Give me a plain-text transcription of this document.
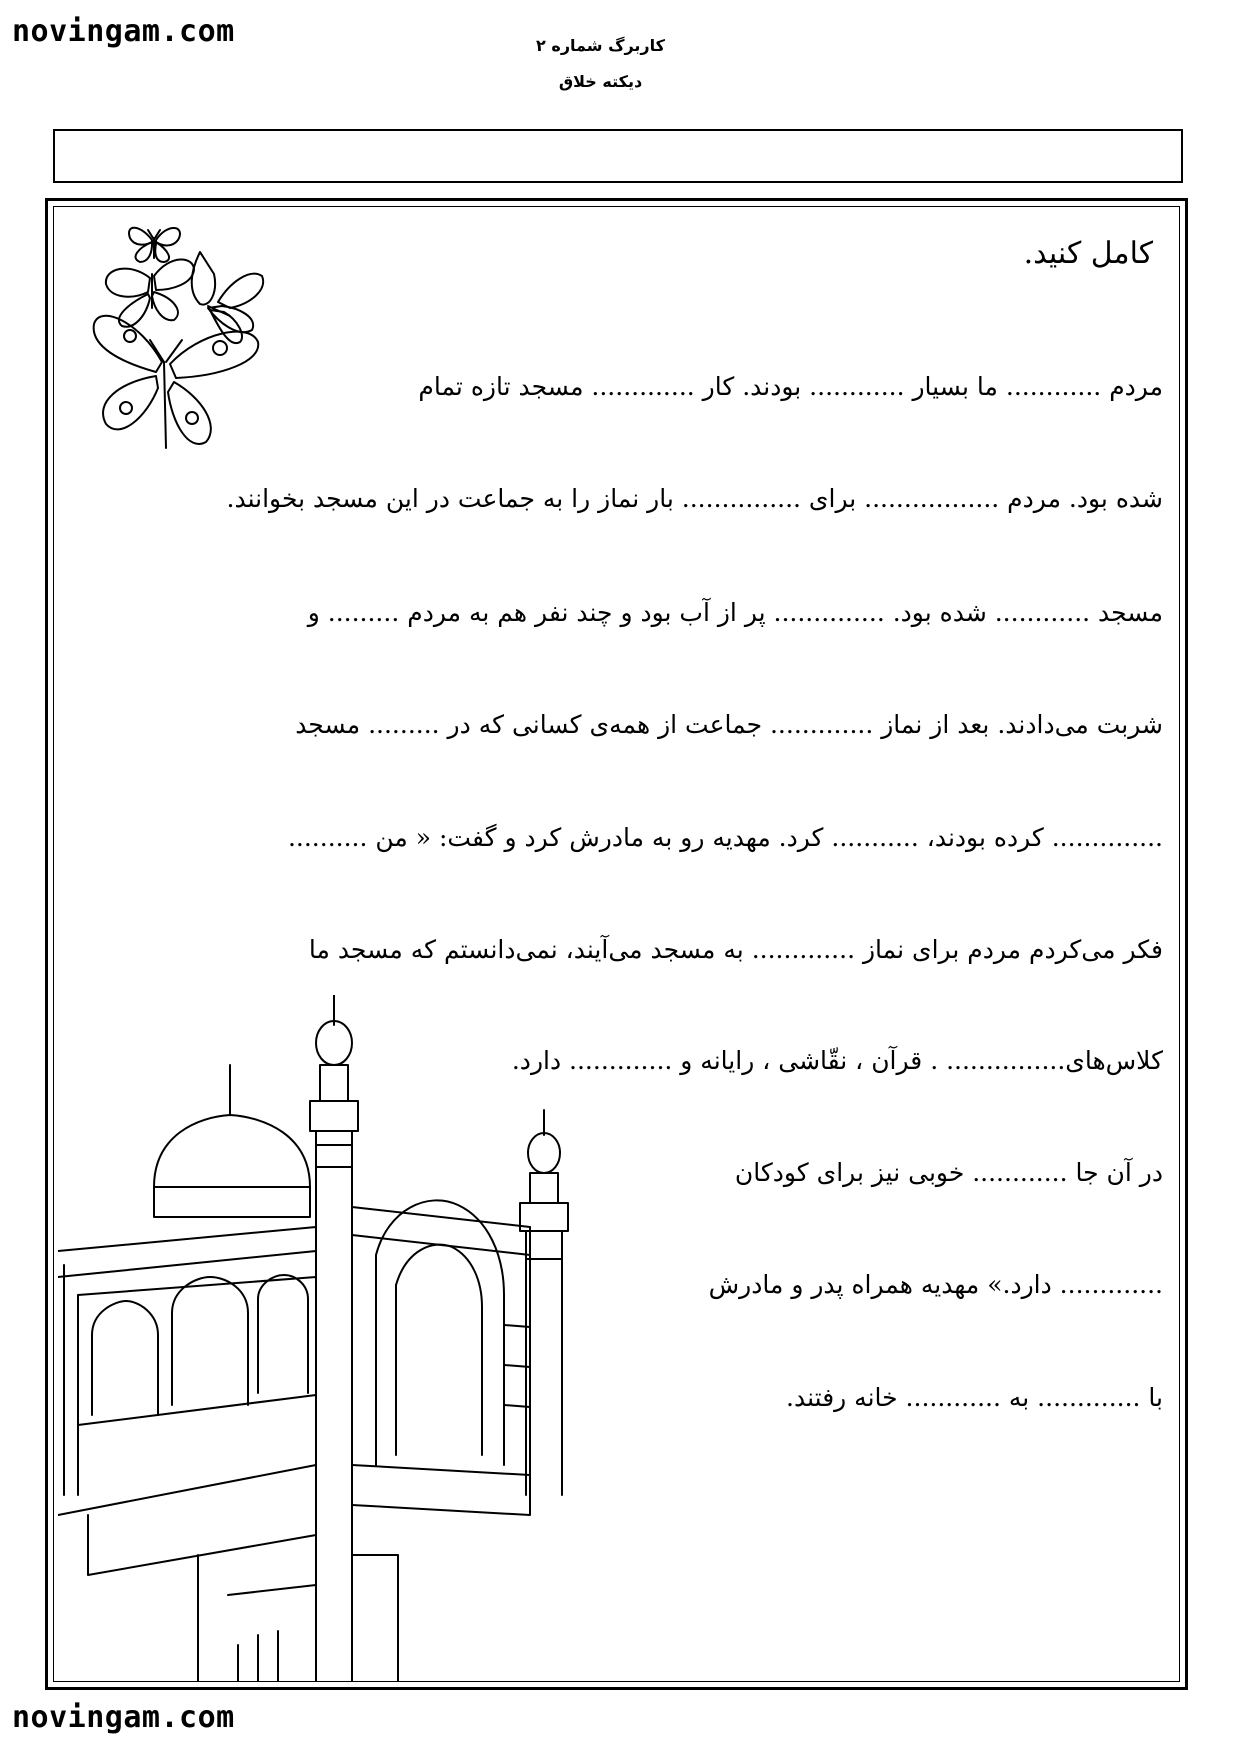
novingam.com	کاربرگ شماره ۲
دیکته خلاق
کامل کنید.
مردم ............ ما بسیار ............ بودند. کار ............. مسجد تازه تمام
شده بود. مردم ................. برای ............... بار نماز را به جماعت در این مسجد بخوانند.
مسجد ............ شده بود. .............. پر از آب بود و چند نفر هم به مردم ......... و
شربت می‌دادند. بعد از نماز ............. جماعت از همه‌ی کسانی که در ......... مسجد
.............. کرده بودند، ........... کرد. مهدیه رو به مادرش کرد و گفت: « من ..........
فکر می‌کردم مردم برای نماز ............. به مسجد می‌آیند، نمی‌دانستم که مسجد ما
کلاس‌های............... . قرآن ، نقّاشی ، رایانه و ............. دارد.
در آن جا ............ خوبی نیز برای کودکان
............. دارد.» مهدیه همراه پدر و مادرش
با ............. به ............ خانه رفتند.
novingam.com
